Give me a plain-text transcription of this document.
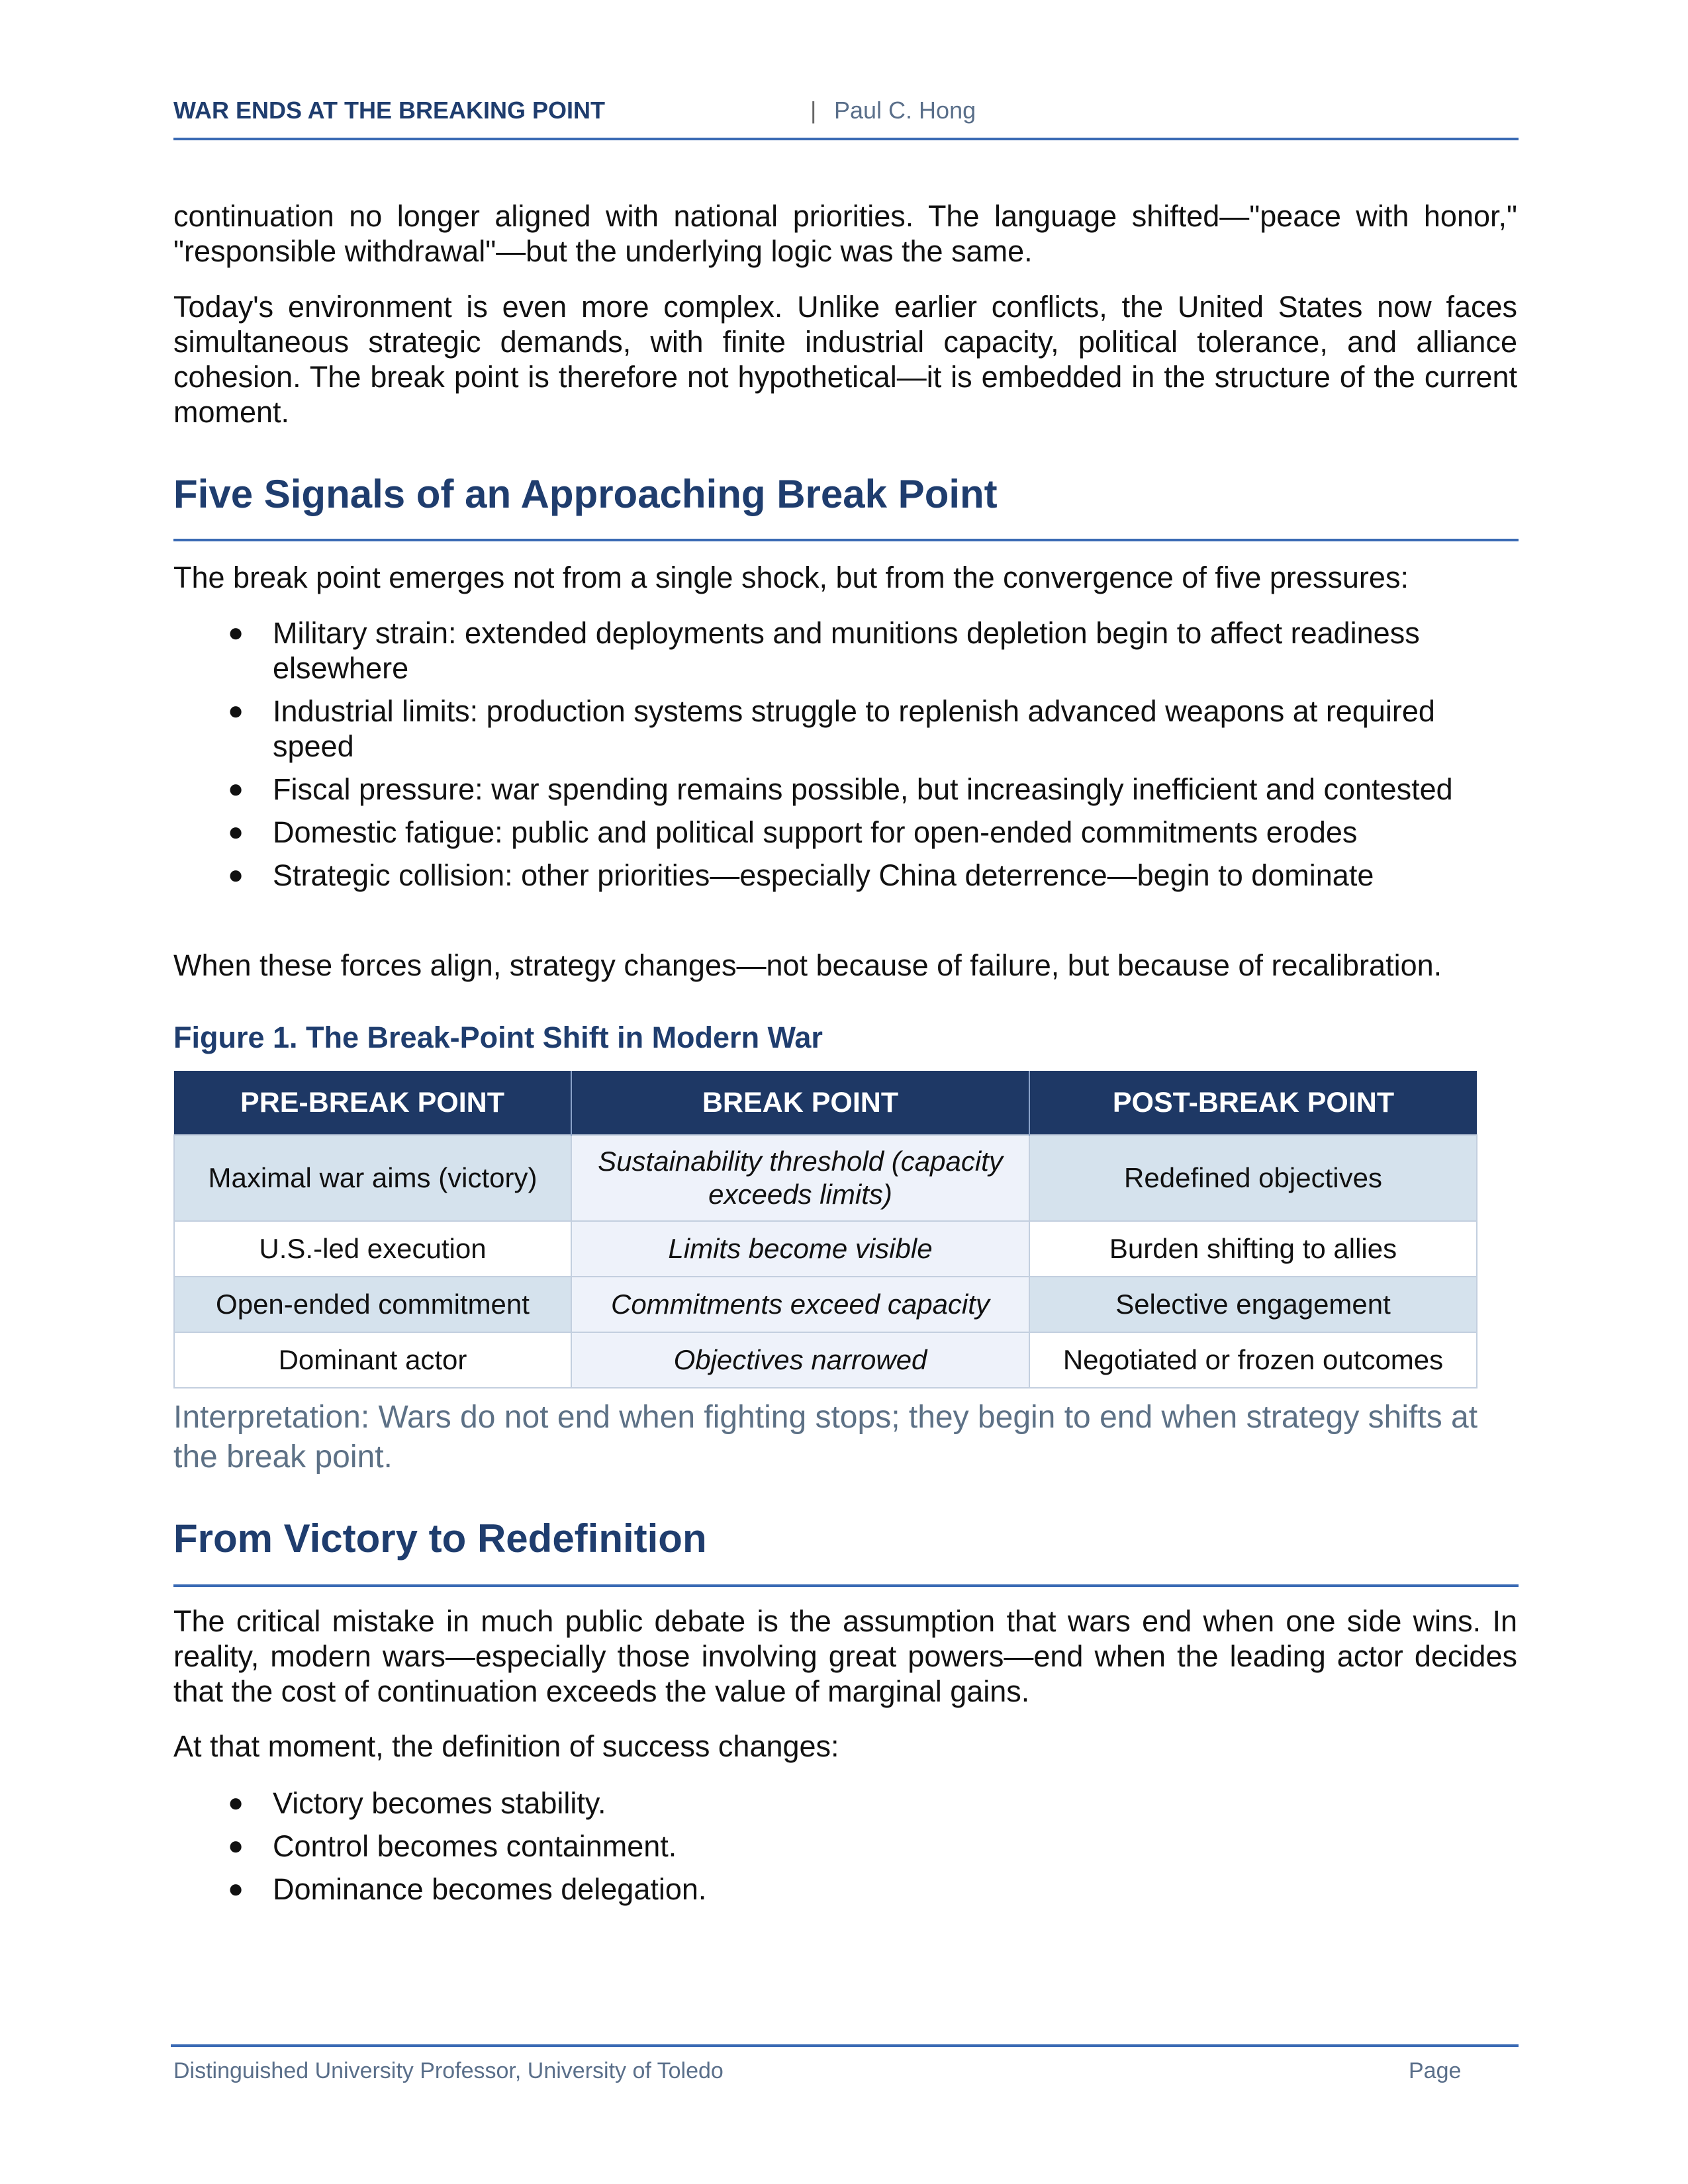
WAR ENDS AT THE BREAKING POINT	| Paul C. Hong

continuation no longer aligned with national priorities. The language shifted—"peace with honor," "responsible withdrawal"—but the underlying logic was the same.

Today's environment is even more complex. Unlike earlier conflicts, the United States now faces simultaneous strategic demands, with finite industrial capacity, political tolerance, and alliance cohesion. The break point is therefore not hypothetical—it is embedded in the structure of the current moment.

Five Signals of an Approaching Break Point

The break point emerges not from a single shock, but from the convergence of five pressures:

● Military strain: extended deployments and munitions depletion begin to affect readiness elsewhere
● Industrial limits: production systems struggle to replenish advanced weapons at required speed
● Fiscal pressure: war spending remains possible, but increasingly inefficient and contested
● Domestic fatigue: public and political support for open-ended commitments erodes
● Strategic collision: other priorities—especially China deterrence—begin to dominate

When these forces align, strategy changes—not because of failure, but because of recalibration.

Figure 1. The Break-Point Shift in Modern War
PRE-BREAK POINT	BREAK POINT	POST-BREAK POINT
Maximal war aims (victory)	Sustainability threshold (capacity exceeds limits)	Redefined objectives
U.S.-led execution	Limits become visible	Burden shifting to allies
Open-ended commitment	Commitments exceed capacity	Selective engagement
Dominant actor	Objectives narrowed	Negotiated or frozen outcomes
Interpretation: Wars do not end when fighting stops; they begin to end when strategy shifts at the break point.
From Victory to Redefinition

The critical mistake in much public debate is the assumption that wars end when one side wins. In reality, modern wars—especially those involving great powers—end when the leading actor decides that the cost of continuation exceeds the value of marginal gains.

At that moment, the definition of success changes:

● Victory becomes stability.
● Control becomes containment.
● Dominance becomes delegation.
Distinguished University Professor, University of Toledo	Page
